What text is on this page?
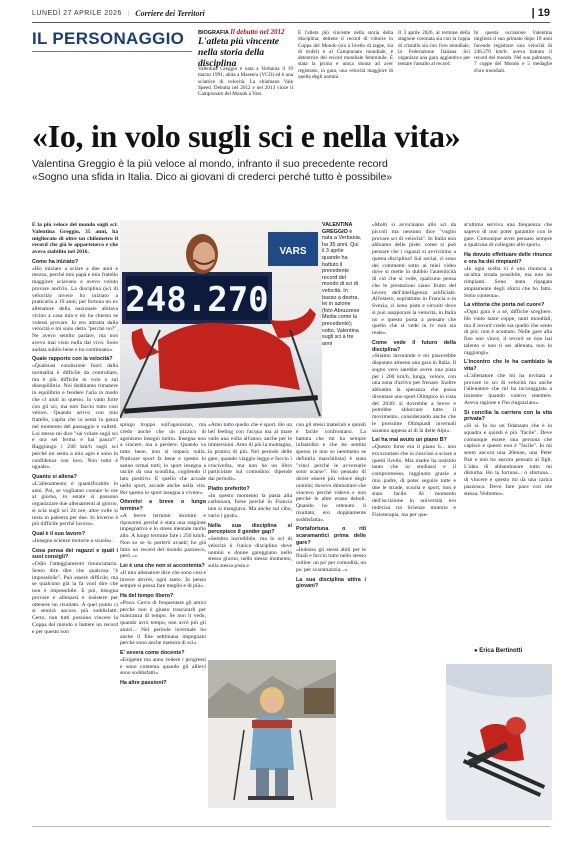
LUNEDÌ 27 APRILE 2026 | Corriere dei Territori	| 19
IL PERSONAGGIO	BIOGRAFIA Il debutto nel 2012
L'atleta più vincente nella storia della disciplina
Valentina Greggio è nata a Verbania il 19 marzo 1991, abita a Maseera (VCO) ed è una sciatrice di velocità. La chiamano Vale Speed. Debutta nel 2012 e nel 2013 vince il Campionato del Mondo a Vars.
È l'atleta più vincente nella storia della disciplina: detiene il record di vittorie in Coppa del Mondo (sia a livello di tappe, sia di trofei) e al Campionato mondiale, è detentrice del record mondiale femminile. È stata la prima e unica donna ad aver registrato, in gara, una velocità maggiore di quella degli uomini.
Il 3 aprile 2026, al termine della stagione coronata sia con la coppa di cristallo sia con l'oro mondiale, la Federazione Italiana Sci organizza una gara aggiuntiva per tentare l'assalto al record.
In questa occasione Valentina migliora il suo primato dopo 10 anni facendo registrare una velocità di 248,270 km/h: aveva battuto il record del mondo. Nel suo palmares, 7 coppe del Mondo e 5 medaglie d'oro mondiali.
«Io, in volo sugli sci e nella vita»
Valentina Greggio è la più veloce al mondo, infranto il suo precedente record
«Sogno una sfida in Italia. Dico ai giovani di crederci perché tutto è possibile»

È la più veloce del mondo sugli sci: Valentina Greggio, 35 anni, ha migliorato di oltre un chilometro il record che già le apparteneva e che aveva stabilito nel 2016.

Come ha iniziato?

«Ho iniziato a sciare a due anni e mezzo, perché mio papà e mio fratello maggiore sciavano e avevo voluto provare anch'io. La disciplina (sci di velocità) invece ho iniziato a praticarla a 19 anni; per fortuna un ex allenatore della nazionale abitava vicino a casa mia e mi ha chiesto se volessi provare. Io ero attratta dalla velocità e mi sono detta "perché no?". Ne avevo sentito parlare, ma non avevo mai visto nulla dal vivo. Sono andata subito bene e ho continuato».

Quale rapporto con la velocità?

«Qualsiasi condizione fuori dalla normalità è difficile da controllare, ma è più difficile in volo o sul disequilibrio. Noi dobbiamo rimanere in equilibrio e fendere l'aria in modo che ci aiuti in questo. Io vado forte con gli sci, ma non faccio tutto così veloce. Quando arrivo con mio fratello, capita che io senta la paura nel momento del passaggio e valletti. Lui stesso mi dice "sai volare sugli sci e ora sei ferma e hai paura?". Raggiungo i 240 km/h sugli sci perché mi sento a mio agio e sono in confidenza con loro. Non tutto è uguale».

Quanto si allena?

«L'allenamento è quantificabile in anni. Poi, se vogliamo contare le ore al giorno, in estate si possono organizzare due allenamenti al giorno, si scia sugli sci 24 ore, altre volte si resta in palestra per due. In inverno è più difficile perché lavoro».

Qual è il suo lavoro?

«Insegno scienze motorie a scuola».

Cosa pensa dei ragazzi e quali i suoi consigli?

«Odio l'atteggiamento rinunciatario. Sento dire dire che qualcosa "è impossibile". Può essere difficile, ma se qualcuno già la fa vuol dire che non è impossibile. E poi, bisogna provare e allenarsi e insistere per ottenere un risultato. A quel punto ci si sentirà ancora più soddisfatti. Certo, non tutti possono vincere la Coppa del mondo o battere un record e per questo non

VARS
248.270
VALENTINA GREGGIO è nata a Verbania, ha 35 anni. Qui il 3 aprile quando ha battuto il precedente record del mondo di sci di velocità. In basso a destra, lei in azione (foto Abruzzese Media come la precedente); sotto, Valentina sugli sci a tre anni

spingo troppo sull'agonismo, ma credo anche che un pizzico di agonismo insegni molto. Insegna non a vincere, ma a perdere. Quando va tutto bene, non si impara nulla. Praticare sport fa bene e questo lo sanno ormai tutti; lo sport insegna a uscire da una sconfitta, cogliendo il lato positivo. E quello che accade nello sport, accade anche nella vita. Per questo lo sport insegna a vivere».

Ottenitvi a breve o lungo termine?

«A breve termine: dormire e riposarmi perché è stata una stagione impegnativa e lo stress mentale molto alto. A lungo termine fare i 250 km/h. Non so se lo porterò avanti; ho già fatto un record del mondo pazzesco, però...».

Lei è una che non si accontenta?

«Il mio allenatore dice che sono così e invece dovrei, ogni tanto. Io penso sempre si possa fare meglio e di più».

Ha del tempo libero?

«Poco. Cerco di frequentare gli amici perché non è giusto trascurarli per mancanza di tempo. Se non li vedo, quando avrò tempo, non avrò più gli amici... Nel periodo invernale ho anche il fine settimana impegnato perché sono anche maestra di sci».

E' severa come docente?

«Esigente ma anno vedere i progressi e sono contenta quando gli allievi sono soddisfatti».

Ha altre passioni?

«Amo tutto quello che è sport. Ho un bel feeling con l'acqua ma al mare vado una volta all'anno, anche per le immersioni. Amo di più la montagna, la pratico di più. Nel periodo delle gare, quando viaggio leggo e faccio i cruciverba, ma non ho un libro particolare sul comodino: dipende dai periodi».

Piatto preferito?

«In questo momento la pasta alla carbonara, forse perché in Francia non si mangiava. Ma anche sul cibo, vario i gusti».

Nella sua disciplina si percepisce il gender gap?

«Sembra incredibile, ma lo sci di velocità è l'unica disciplina dove uomini e donne gareggiano nello stesso giorno, nello stesso momento, sulla stessa pista e

con gli stessi materiali e quindi è facile confrontarsi. La battuta che mi ha sempre infastidito e che ho sentito spesso (e non so nemmeno se definirla maschilista) è stata "vinci perché le avversarie sono scarse". Ho pensato di dover essere più veloce degli uomini; dovevo dimostrare che vincevo perché valevo e non perché le altre erano deboli. Quando ho ottenuto il risultato, ero doppiamente soddisfatta».

Portafortuna o riti scaramantici prima delle gare?

«Indosso gli stessi abiti per le finali e faccio tutto nello stesso ordine: un po' per comodità, un po' per scaramanzia...».

La sua disciplina attira i giovani?

«Molti si avvicinano allo sci da piccoli ma nessuno dice "voglio provare sci di velocità". In Italia non abbiamo delle piste: come si può pensare che i ragazzi si avvicinino a questa disciplina? Sui social, ci sono dei commenti sotto ai miei video dove si mette in dubbio l'autenticità di ciò che si vede, qualcuno pensa che le prestazioni siano frutto del lavoro dell'intelligenza artificiale. All'estero, soprattutto in Francia e in Svezia, ci sono piste e circuiti dove si può assaporare la velocità, in Italia no e questo porta a pensare che quello che si vede in tv non sia reale».

Come vede il futuro della disciplina?

«Stiamo lavorando e mi piacerebbe disputare almeno una gara in Italia. Il sogno vero sarebbe avere una pista per i 200 km/h, lunga, veloce, con una zona d'arrivo per frenare. Inoltre abbiamo la speranza che possa diventare uno sport Olimpico in vista del 2030: si dovrebbe a breve e potrebbe sbloccare tutto il movimento, considerando anche che le prossime Olimpiadi invernali saranno appena al di là delle Alpi».

Lei ha mai avuto un piano B?

«Questo forse era il piano b... non era scontato che io riuscissi a sciare a questi livello. Mia madre ha insistito tanto che io studiassi e il compromesso, raggiunto grazie a mio padre, di poter seguire tutte e due le strade, scuola e sport, non è stato facile. Al momento dell'iscrizione in università ero indecisa tra Scienze motorie e Fisioterapia, ma per que-

st'ultima serviva una frequenza che sapevo di non poter garantire con le gare. Comunque avrei pensato sempre a qualcosa di collegato allo sport».

Ha dovuto effettuare delle rinunce e ora ha dei rimpianti?

«In ogni scelta vi è una rinuncia a un'altra strada possibile, ma non ho rimpianti. Sono stata ripagata ampiamente degli sforzi che ho fatto. Sono contenta».

La vittoria che porta nel cuore?

«Ogni gara è a sé, difficile scegliere. Ho vinto tante coppe, tanti mondiali, ma il record credo sia quello che sento di più: non è scontato. Nelle gare alla fine uno vince, il record se non hai talento e non ti sei allenata, non lo raggiungi».

L'incontro che le ha cambiato la vita?

«L'allenatore che mi ha invitata a provare lo sci di velocità ma anche l'allenatore che mi ha incoraggiata a insistere quando volevo smettere. Aveva ragione e l'ho ringraziato».

Si concilia la carriera con la vita privata?

«Sì sì. Io ho un fidanzato che è in squadra e quindi è più "facile". Deve comunque essere una persona che capisce e questo non è "facile". Io mi sento ancora una 20enne, una Peter Pan e non ho ancora pensato ai figli. L'idea di abbandonare tutto mi disturba. Ho la fortuna... o sfortuna... di vincere e questo mi dà una carica pazzesca. Devo fare pace con me stessa. Vedremo».

● Erica Bertinotti
